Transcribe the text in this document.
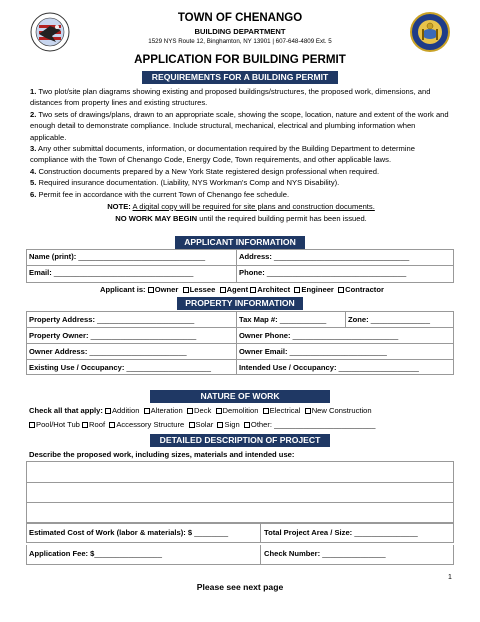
TOWN OF CHENANGO
BUILDING DEPARTMENT
1529 NYS Route 12, Binghamton, NY 13901 | 607-648-4809 Ext. 5
APPLICATION FOR BUILDING PERMIT
REQUIREMENTS FOR A BUILDING PERMIT
1. Two plot/site plan diagrams showing existing and proposed buildings/structures, the proposed work, dimensions, and distances from property lines and existing structures.
2. Two sets of drawings/plans, drawn to an appropriate scale, showing the scope, location, nature and extent of the work and enough detail to demonstrate compliance. Include structural, mechanical, electrical and plumbing information when applicable.
3. Any other submittal documents, information, or documentation required by the Building Department to determine compliance with the Town of Chenango Code, Energy Code, Town requirements, and other applicable laws.
4. Construction documents prepared by a New York State registered design professional when required.
5. Required insurance documentation. (Liability, NYS Workman's Comp and NYS Disability).
6. Permit fee in accordance with the current Town of Chenango fee schedule.
NOTE: A digital copy will be required for site plans and construction documents.
NO WORK MAY BEGIN until the required building permit has been issued.
APPLICANT INFORMATION
Name (print): ______________________________	Address: ________________________________
Email: _________________________________	Phone: _________________________________
Applicant is: Owner Lessee Agent Architect Engineer Contractor
PROPERTY INFORMATION
Property Address: _______________________	Tax Map #: ___________	Zone: ______________
Property Owner: _________________________	Owner Phone: _________________________
Owner Address: _______________________	Owner Email: _______________________
Existing Use / Occupancy: ____________________	Intended Use / Occupancy: ___________________
NATURE OF WORK
Check all that apply: Addition Alteration Deck Demolition Electrical New Construction
Pool/Hot Tub Roof Accessory Structure Solar Sign Other: ________________________
DETAILED DESCRIPTION OF PROJECT
Describe the proposed work, including sizes, materials and intended use:
Estimated Cost of Work (labor & materials): $ ________	Total Project Area / Size: _______________
Application Fee: $________________	Check Number: _______________
1
Please see next page
